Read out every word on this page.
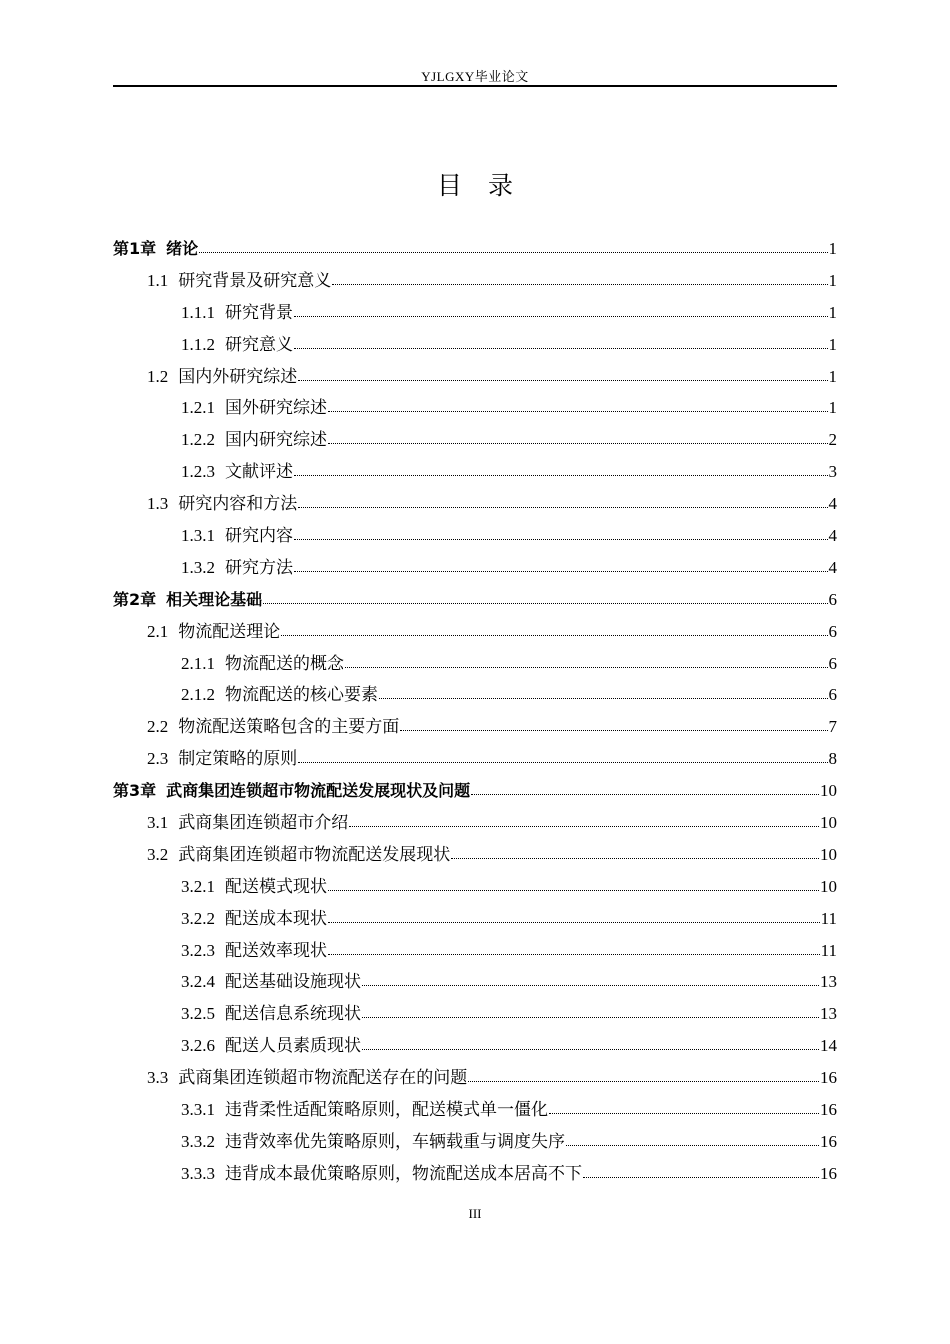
YJLGXY毕业论文
目录
第1章 绪论	1
1.1 研究背景及研究意义	1
1.1.1 研究背景	1
1.1.2 研究意义	1
1.2 国内外研究综述	1
1.2.1 国外研究综述	1
1.2.2 国内研究综述	2
1.2.3 文献评述	3
1.3 研究内容和方法	4
1.3.1 研究内容	4
1.3.2 研究方法	4
第2章 相关理论基础	6
2.1 物流配送理论	6
2.1.1 物流配送的概念	6
2.1.2 物流配送的核心要素	6
2.2 物流配送策略包含的主要方面	7
2.3 制定策略的原则	8
第3章 武商集团连锁超市物流配送发展现状及问题	10
3.1 武商集团连锁超市介绍	10
3.2 武商集团连锁超市物流配送发展现状	10
3.2.1 配送模式现状	10
3.2.2 配送成本现状	11
3.2.3 配送效率现状	11
3.2.4 配送基础设施现状	13
3.2.5 配送信息系统现状	13
3.2.6 配送人员素质现状	14
3.3 武商集团连锁超市物流配送存在的问题	16
3.3.1 违背柔性适配策略原则，配送模式单一僵化	16
3.3.2 违背效率优先策略原则，车辆载重与调度失序	16
3.3.3 违背成本最优策略原则，物流配送成本居高不下	16
III
